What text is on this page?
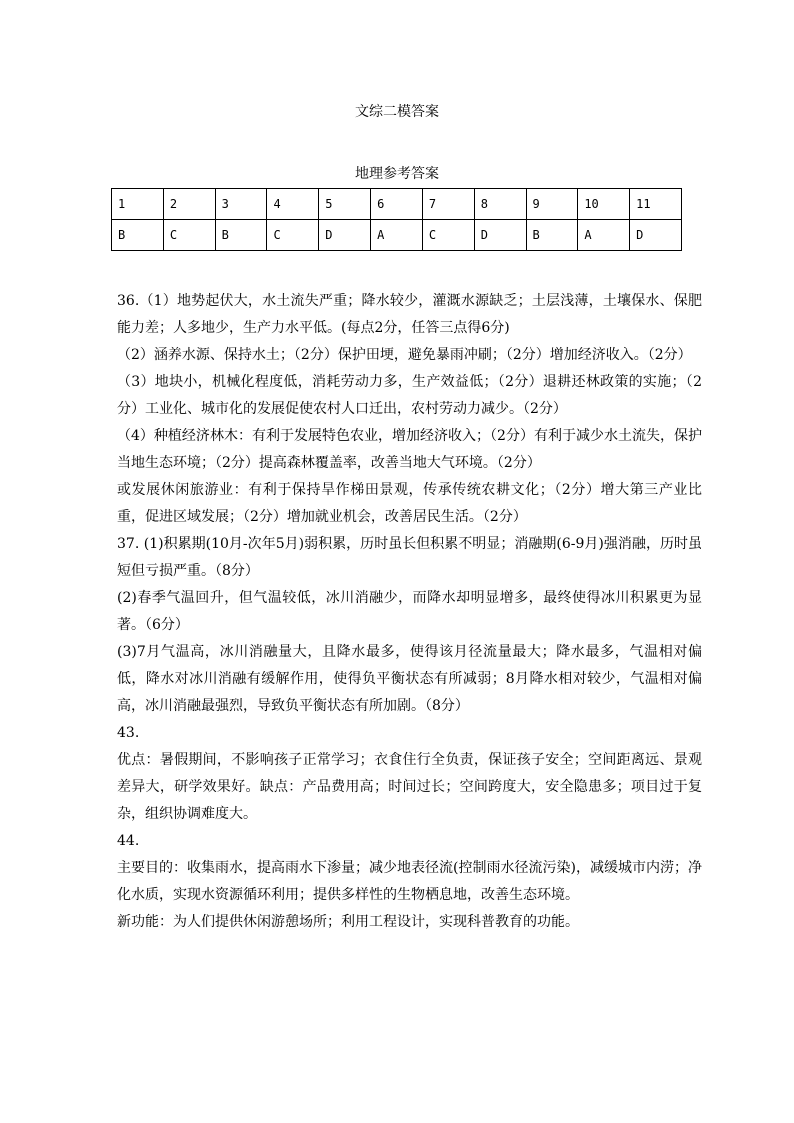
文综二模答案
地理参考答案
1	2	3	4	5	6	7	8	9	10	11
B	C	B	C	D	A	C	D	B	A	D

36.（1）地势起伏大，水土流失严重；降水较少，灌溉水源缺乏；土层浅薄，土壤保水、保肥能力差；人多地少，生产力水平低。(每点2分，任答三点得6分)

（2）涵养水源、保持水土；（2分）保护田埂，避免暴雨冲刷；（2分）增加经济收入。（2分）

（3）地块小，机械化程度低，消耗劳动力多，生产效益低；（2分）退耕还林政策的实施；（2分）工业化、城市化的发展促使农村人口迁出，农村劳动力减少。（2分）

（4）种植经济林木：有利于发展特色农业，增加经济收入；（2分）有利于减少水土流失，保护当地生态环境；（2分）提高森林覆盖率，改善当地大气环境。（2分）

或发展休闲旅游业：有利于保持旱作梯田景观，传承传统农耕文化；（2分）增大第三产业比重，促进区域发展；（2分）增加就业机会，改善居民生活。（2分）

37. (1)积累期(10月-次年5月)弱积累，历时虽长但积累不明显；消融期(6-9月)强消融，历时虽短但亏损严重。（8分）

(2)春季气温回升，但气温较低，冰川消融少，而降水却明显增多，最终使得冰川积累更为显著。（6分）

(3)7月气温高，冰川消融量大，且降水最多，使得该月径流量最大；降水最多，气温相对偏低，降水对冰川消融有缓解作用，使得负平衡状态有所减弱；8月降水相对较少，气温相对偏高，冰川消融最强烈，导致负平衡状态有所加剧。（8分）

43.

优点：暑假期间，不影响孩子正常学习；衣食住行全负责，保证孩子安全；空间距离远、景观差异大，研学效果好。缺点：产品费用高；时间过长；空间跨度大，安全隐患多；项目过于复杂，组织协调难度大。

44.

主要目的：收集雨水，提高雨水下渗量；减少地表径流(控制雨水径流污染)，减缓城市内涝；净化水质，实现水资源循环利用；提供多样性的生物栖息地，改善生态环境。

新功能：为人们提供休闲游憩场所；利用工程设计，实现科普教育的功能。
